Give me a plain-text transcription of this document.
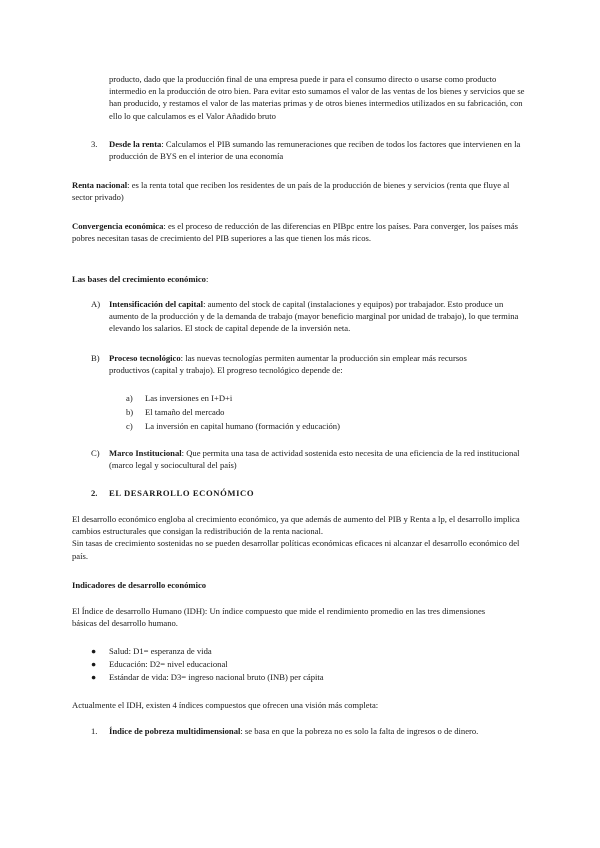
producto, dado que la producción final de una empresa puede ir para el consumo directo o usarse como producto intermedio en la producción de otro bien. Para evitar esto sumamos el valor de las ventas de los bienes y servicios que se han producido, y restamos el valor de las materias primas y de otros bienes intermedios utilizados en su fabricación, con ello lo que calculamos es el Valor Añadido bruto

3. Desde la renta: Calculamos el PIB sumando las remuneraciones que reciben de todos los factores que intervienen en la producción de BYS en el interior de una economía

Renta nacional: es la renta total que reciben los residentes de un país de la producción de bienes y servicios (renta que fluye al sector privado)

Convergencia económica: es el proceso de reducción de las diferencias en PIBpc entre los países. Para converger, los países más pobres necesitan tasas de crecimiento del PIB superiores a las que tienen los más ricos.

Las bases del crecimiento económico:

A) Intensificación del capital: aumento del stock de capital (instalaciones y equipos) por trabajador. Esto produce un aumento de la producción y de la demanda de trabajo (mayor beneficio marginal por unidad de trabajo), lo que termina elevando los salarios. El stock de capital depende de la inversión neta.

B) Proceso tecnológico: las nuevas tecnologías permiten aumentar la producción sin emplear más recursos productivos (capital y trabajo). El progreso tecnológico depende de:

a) Las inversiones en I+D+i
b) El tamaño del mercado
c) La inversión en capital humano (formación y educación)
C) Marco Institucional: Que permita una tasa de actividad sostenida esto necesita de una eficiencia de la red institucional (marco legal y sociocultural del país)

2. EL DESARROLLO ECONÓMICO

El desarrollo económico engloba al crecimiento económico, ya que además de aumento del PIB y Renta a lp, el desarrollo implica cambios estructurales que consigan la redistribución de la renta nacional.

Sin tasas de crecimiento sostenidas no se pueden desarrollar políticas económicas eficaces ni alcanzar el desarrollo económico del país.

Indicadores de desarrollo económico

El Índice de desarrollo Humano (IDH): Un índice compuesto que mide el rendimiento promedio en las tres dimensiones básicas del desarrollo humano.

● Salud: D1= esperanza de vida
● Educación: D2= nivel educacional
● Estándar de vida: D3= ingreso nacional bruto (INB) per cápita

Actualmente el IDH, existen 4 índices compuestos que ofrecen una visión más completa:

1. Índice de pobreza multidimensional: se basa en que la pobreza no es solo la falta de ingresos o de dinero.
